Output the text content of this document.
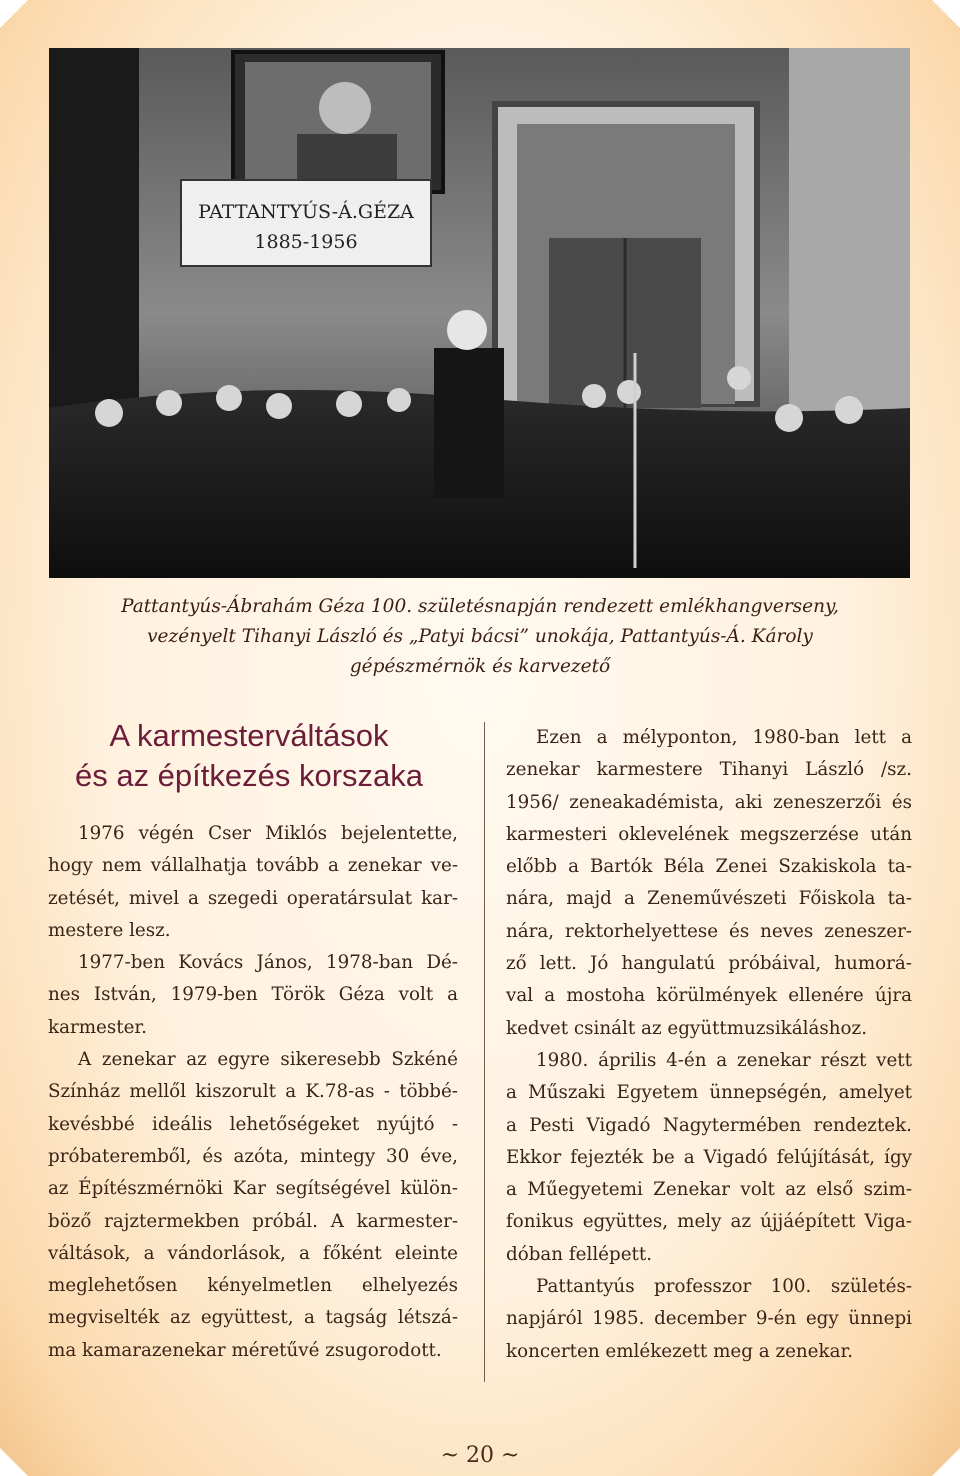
PATTANTYÚS-Á.GÉZA
1885-1956
Pattantyús-Ábrahám Géza 100. születésnapján rendezett emlékhangverseny,
vezényelt Tihanyi László és „Patyi bácsi” unokája, Pattantyús-Á. Károly
gépészmérnök és karvezető
A karmesterváltások
és az építkezés korszaka

1976 végén Cser Miklós bejelentette,
hogy nem vállalhatja tovább a zenekar ve-
zetését, mivel a szegedi operatársulat kar-
mestere lesz.

1977-ben Kovács János, 1978-ban Dé-
nes István, 1979-ben Török Géza volt a
karmester.

A zenekar az egyre sikeresebb Szkéné
Színház mellől kiszorult a K.78-as - többé-
kevésbbé ideális lehetőségeket nyújtó -
próbateremből, és azóta, mintegy 30 éve,
az Építészmérnöki Kar segítségével külön-
böző rajztermekben próbál. A karmester-
váltások, a vándorlások, a főként eleinte
meglehetősen kényelmetlen elhelyezés
megviselték az együttest, a tagság létszá-
ma kamarazenekar méretűvé zsugorodott.

Ezen a mélyponton, 1980-ban lett a
zenekar karmestere Tihanyi László /sz.
1956/ zeneakadémista, aki zeneszerzői és
karmesteri oklevelének megszerzése után
előbb a Bartók Béla Zenei Szakiskola ta-
nára, majd a Zeneművészeti Főiskola ta-
nára, rektorhelyettese és neves zeneszer-
ző lett. Jó hangulatú próbáival, humorá-
val a mostoha körülmények ellenére újra
kedvet csinált az együttmuzsikáláshoz.

1980. április 4-én a zenekar részt vett
a Műszaki Egyetem ünnepségén, amelyet
a Pesti Vigadó Nagytermében rendeztek.
Ekkor fejezték be a Vigadó felújítását, így
a Műegyetemi Zenekar volt az első szim-
fonikus együttes, mely az újjáépített Viga-
dóban fellépett.

Pattantyús professzor 100. születés-
napjáról 1985. december 9-én egy ünnepi
koncerten emlékezett meg a zenekar.

~ 20 ~
